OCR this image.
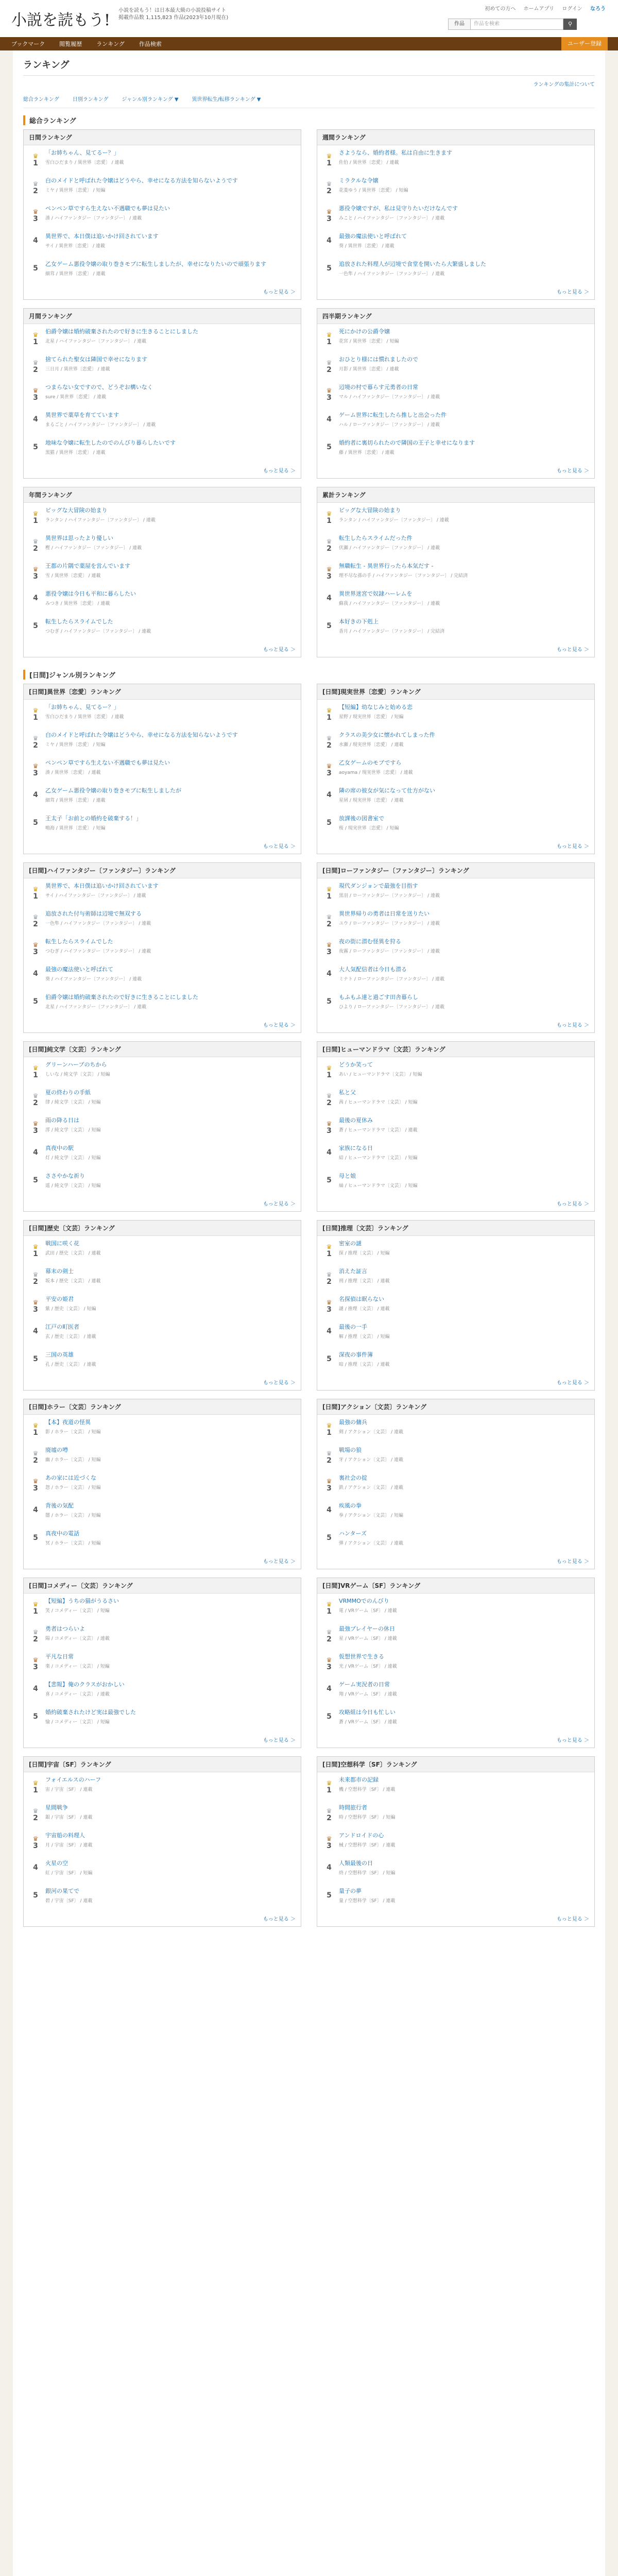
小説を読もう!
小説を読もう！は日本最大級の小説投稿サイト
掲載作品数 1,115,823 作品(2023年10月現在)
初めての方へ ホームアプリ ログイン なろう
作品	作品を検索	⚲
ブックマーク	閲覧履歴	ランキング	作品検索	ユーザー登録
ランキング
ランキングの集計について
総合ランキング	日別ランキング	ジャンル別ランキング ▼	異世界転生/転移ランキング ▼
総合ランキング
日間ランキング
♛
1
「お姉ちゃん、見てるー？」
雪白ひだまり / 異世界〔恋愛〕 / 連載
♛
2
白のメイドと呼ばれた令嬢はどうやら、幸せになる方法を知らないようです
ミヤ / 異世界〔恋愛〕 / 短編
♛
3
ペンペン草ですら生えない不遇職でも夢は見たい
湊 / ハイファンタジー〔ファンタジー〕 / 連載
4
異世界で、本日僕は追いかけ回されています
サイ / 異世界〔恋愛〕 / 連載
5
乙女ゲーム悪役令嬢の取り巻きモブに転生しましたが、幸せになりたいので頑張ります
細茸 / 異世界〔恋愛〕 / 連載
もっと見る ＞
週間ランキング
♛
1
さようなら、婚約者様。私は自由に生きます
佐伯 / 異世界〔恋愛〕 / 連載
♛
2
ミラクルな令嬢
花菱ゆう / 異世界〔恋愛〕 / 短編
♛
3
悪役令嬢ですが、私は見守りたいだけなんです
みこと / ハイファンタジー〔ファンタジー〕 / 連載
4
最強の魔法使いと呼ばれて
葵 / 異世界〔恋愛〕 / 連載
5
追放された料理人が辺境で食堂を開いたら大繁盛しました
一色隼 / ハイファンタジー〔ファンタジー〕 / 連載
もっと見る ＞
月間ランキング
♛
1
伯爵令嬢は婚約破棄されたので好きに生きることにしました
北星 / ハイファンタジー〔ファンタジー〕 / 連載
♛
2
捨てられた聖女は隣国で幸せになります
三日月 / 異世界〔恋愛〕 / 連載
♛
3
つまらない女ですので、どうぞお構いなく
sure / 異世界〔恋愛〕 / 連載
4
異世界で薬草を育てています
まるごと / ハイファンタジー〔ファンタジー〕 / 連載
5
地味な令嬢に転生したのでのんびり暮らしたいです
黒猫 / 異世界〔恋愛〕 / 連載
もっと見る ＞
四半期ランキング
♛
1
死にかけの公爵令嬢
花宮 / 異世界〔恋愛〕 / 短編
♛
2
おひとり様には慣れましたので
月影 / 異世界〔恋愛〕 / 連載
♛
3
辺境の村で暮らす元勇者の日常
マル / ハイファンタジー〔ファンタジー〕 / 連載
4
ゲーム世界に転生したら推しと出会った件
ハル / ローファンタジー〔ファンタジー〕 / 連載
5
婚約者に裏切られたので隣国の王子と幸せになります
藤 / 異世界〔恋愛〕 / 連載
もっと見る ＞
年間ランキング
♛
1
ビッグな大冒険の始まり
ランタン / ハイファンタジー〔ファンタジー〕 / 連載
♛
2
異世界は思ったより優しい
樫 / ハイファンタジー〔ファンタジー〕 / 連載
♛
3
王都の片隅で薬屋を営んでいます
雪 / 異世界〔恋愛〕 / 連載
4
悪役令嬢は今日も平和に暮らしたい
みつき / 異世界〔恋愛〕 / 連載
5
転生したらスライムでした
つむぎ / ハイファンタジー〔ファンタジー〕 / 連載
もっと見る ＞
累計ランキング
♛
1
ビッグな大冒険の始まり
ランタン / ハイファンタジー〔ファンタジー〕 / 連載
♛
2
転生したらスライムだった件
伏瀬 / ハイファンタジー〔ファンタジー〕 / 連載
♛
3
無職転生 - 異世界行ったら本気だす -
理不尽な孫の手 / ハイファンタジー〔ファンタジー〕 / 完結済
4
異世界迷宮で奴隷ハーレムを
蘇我 / ハイファンタジー〔ファンタジー〕 / 連載
5
本好きの下剋上
香月 / ハイファンタジー〔ファンタジー〕 / 完結済
もっと見る ＞
[日間]ジャンル別ランキング
[日間]異世界〔恋愛〕ランキング
♛
1
「お姉ちゃん、見てるー？」
雪白ひだまり / 異世界〔恋愛〕 / 連載
♛
2
白のメイドと呼ばれた令嬢はどうやら、幸せになる方法を知らないようです
ミヤ / 異世界〔恋愛〕 / 短編
♛
3
ペンペン草ですら生えない不遇職でも夢は見たい
湊 / 異世界〔恋愛〕 / 連載
4
乙女ゲーム悪役令嬢の取り巻きモブに転生しましたが
細茸 / 異世界〔恋愛〕 / 連載
5
王太子「お前との婚約を破棄する！」
鳴海 / 異世界〔恋愛〕 / 短編
もっと見る ＞
[日間]現実世界〔恋愛〕ランキング
♛
1
【短編】幼なじみと始める恋
星野 / 現実世界〔恋愛〕 / 短編
♛
2
クラスの美少女に懐かれてしまった件
水瀬 / 現実世界〔恋愛〕 / 連載
♛
3
乙女ゲームのモブですら
aoyama / 現実世界〔恋愛〕 / 連載
4
隣の席の彼女が気になって仕方がない
星屑 / 現実世界〔恋愛〕 / 連載
5
放課後の図書室で
桜 / 現実世界〔恋愛〕 / 短編
もっと見る ＞
[日間]ハイファンタジー〔ファンタジー〕ランキング
♛
1
異世界で、本日僕は追いかけ回されています
サイ / ハイファンタジー〔ファンタジー〕 / 連載
♛
2
追放された付与術師は辺境で無双する
一色隼 / ハイファンタジー〔ファンタジー〕 / 連載
♛
3
転生したらスライムでした
つむぎ / ハイファンタジー〔ファンタジー〕 / 連載
4
最強の魔法使いと呼ばれて
葵 / ハイファンタジー〔ファンタジー〕 / 連載
5
伯爵令嬢は婚約破棄されたので好きに生きることにしました
北星 / ハイファンタジー〔ファンタジー〕 / 連載
もっと見る ＞
[日間]ローファンタジー〔ファンタジー〕ランキング
♛
1
現代ダンジョンで最強を目指す
黒羽 / ローファンタジー〔ファンタジー〕 / 連載
♛
2
異世界帰りの勇者は日常を送りたい
ユウ / ローファンタジー〔ファンタジー〕 / 連載
♛
3
夜の街に潜む怪異を狩る
夜霧 / ローファンタジー〔ファンタジー〕 / 連載
4
大人気配信者は今日も潜る
ミナト / ローファンタジー〔ファンタジー〕 / 連載
5
もふもふ達と過ごす田舎暮らし
ひより / ローファンタジー〔ファンタジー〕 / 連載
もっと見る ＞
[日間]純文学〔文芸〕ランキング
♛
1
グリーンハーブのちから
しいな / 純文学〔文芸〕 / 短編
♛
2
夏の終わりの手紙
律 / 純文学〔文芸〕 / 短編
♛
3
雨の降る日は
澪 / 純文学〔文芸〕 / 短編
4
真夜中の駅
灯 / 純文学〔文芸〕 / 短編
5
ささやかな祈り
遥 / 純文学〔文芸〕 / 短編
もっと見る ＞
[日間]ヒューマンドラマ〔文芸〕ランキング
♛
1
どうか笑って
あい / ヒューマンドラマ〔文芸〕 / 短編
♛
2
私と父
茜 / ヒューマンドラマ〔文芸〕 / 短編
♛
3
最後の夏休み
蒼 / ヒューマンドラマ〔文芸〕 / 連載
4
家族になる日
結 / ヒューマンドラマ〔文芸〕 / 短編
5
母と娘
紬 / ヒューマンドラマ〔文芸〕 / 短編
もっと見る ＞
[日間]歴史〔文芸〕ランキング
♛
1
戦国に咲く花
武田 / 歴史〔文芸〕 / 連載
♛
2
幕末の剣士
坂本 / 歴史〔文芸〕 / 連載
♛
3
平安の姫君
紫 / 歴史〔文芸〕 / 短編
4
江戸の町医者
玄 / 歴史〔文芸〕 / 連載
5
三国の英雄
孔 / 歴史〔文芸〕 / 連載
もっと見る ＞
[日間]推理〔文芸〕ランキング
♛
1
密室の謎
探 / 推理〔文芸〕 / 短編
♛
2
消えた証言
刑 / 推理〔文芸〕 / 連載
♛
3
名探偵は眠らない
謎 / 推理〔文芸〕 / 連載
4
最後の一手
解 / 推理〔文芸〕 / 短編
5
深夜の事件簿
暗 / 推理〔文芸〕 / 連載
もっと見る ＞
[日間]ホラー〔文芸〕ランキング
♛
1
【本】夜道の怪異
影 / ホラー〔文芸〕 / 短編
♛
2
廃墟の噂
幽 / ホラー〔文芸〕 / 短編
♛
3
あの家には近づくな
怨 / ホラー〔文芸〕 / 短編
4
背後の気配
闇 / ホラー〔文芸〕 / 短編
5
真夜中の電話
冥 / ホラー〔文芸〕 / 短編
もっと見る ＞
[日間]アクション〔文芸〕ランキング
♛
1
最強の傭兵
剣 / アクション〔文芸〕 / 連載
♛
2
戦場の狼
牙 / アクション〔文芸〕 / 連載
♛
3
裏社会の掟
鉄 / アクション〔文芸〕 / 連載
4
疾風の拳
拳 / アクション〔文芸〕 / 短編
5
ハンターズ
弾 / アクション〔文芸〕 / 連載
もっと見る ＞
[日間]コメディー〔文芸〕ランキング
♛
1
【短編】うちの猫がうるさい
笑 / コメディー〔文芸〕 / 短編
♛
2
勇者はつらいよ
陽 / コメディー〔文芸〕 / 連載
♛
3
平凡な日常
楽 / コメディー〔文芸〕 / 短編
4
【悲報】俺のクラスがおかしい
喜 / コメディー〔文芸〕 / 連載
5
婚約破棄されたけど実は最強でした
愉 / コメディー〔文芸〕 / 短編
もっと見る ＞
[日間]VRゲーム〔SF〕ランキング
♛
1
VRMMOでのんびり
電 / VRゲーム〔SF〕 / 連載
♛
2
最強プレイヤーの休日
星 / VRゲーム〔SF〕 / 連載
♛
3
仮想世界で生きる
光 / VRゲーム〔SF〕 / 連載
4
ゲーム実況者の日常
翔 / VRゲーム〔SF〕 / 連載
5
攻略組は今日も忙しい
蒼 / VRゲーム〔SF〕 / 連載
もっと見る ＞
[日間]宇宙〔SF〕ランキング
♛
1
フォイエルスのハーフ
宙 / 宇宙〔SF〕 / 連載
♛
2
星間戦争
銀 / 宇宙〔SF〕 / 連載
♛
3
宇宙船の料理人
月 / 宇宙〔SF〕 / 連載
4
火星の空
紅 / 宇宙〔SF〕 / 短編
5
銀河の果てで
碧 / 宇宙〔SF〕 / 連載
もっと見る ＞
[日間]空想科学〔SF〕ランキング
♛
1
未来都市の記録
機 / 空想科学〔SF〕 / 連載
♛
2
時間旅行者
時 / 空想科学〔SF〕 / 短編
♛
3
アンドロイドの心
械 / 空想科学〔SF〕 / 連載
4
人類最後の日
終 / 空想科学〔SF〕 / 短編
5
量子の夢
量 / 空想科学〔SF〕 / 連載
もっと見る ＞
